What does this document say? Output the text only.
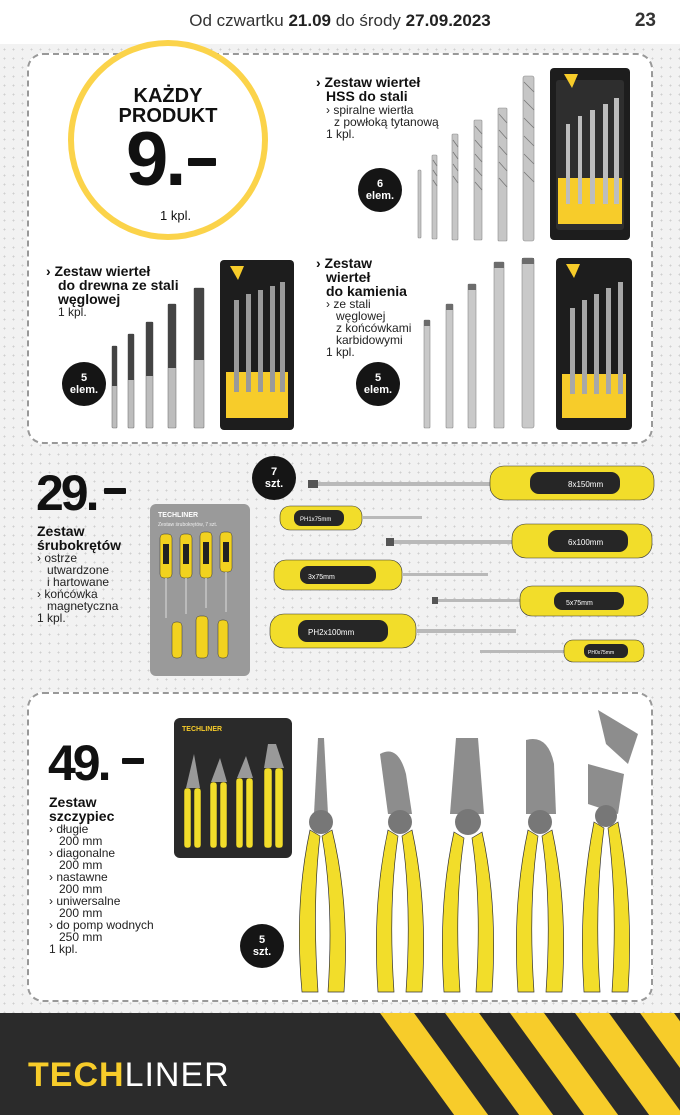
Od czwartku 21.09 do środy 27.09.2023	23
KAŻDY
PRODUKT
9.
1 kpl.
› Zestaw wierteł
HSS do stali
› spiralne wiertła
z powłoką tytanową
1 kpl.
6
elem.
› Zestaw wierteł
do drewna ze stali
węglowej
1 kpl.
5
elem.
› Zestaw
wierteł
do kamienia
› ze stali
węglowej
z końcówkami
karbidowymi
1 kpl.
5
elem.
29.
Zestaw
śrubokrętów
› ostrze
utwardzone
i hartowane
› końcówka
magnetyczna
1 kpl.
TECHLINER
Zestaw śrubokrętów, 7 szt.
7
szt.	8x150mm
PH1x75mm
6x100mm
3x75mm
5x75mm
PH2x100mm
PH0x75mm
49.
Zestaw
szczypiec
› długie
200 mm
› diagonalne
200 mm
› nastawne
200 mm
› uniwersalne
200 mm
› do pomp wodnych
250 mm
1 kpl.
TECHLINER
5
szt.
TECHLINER
